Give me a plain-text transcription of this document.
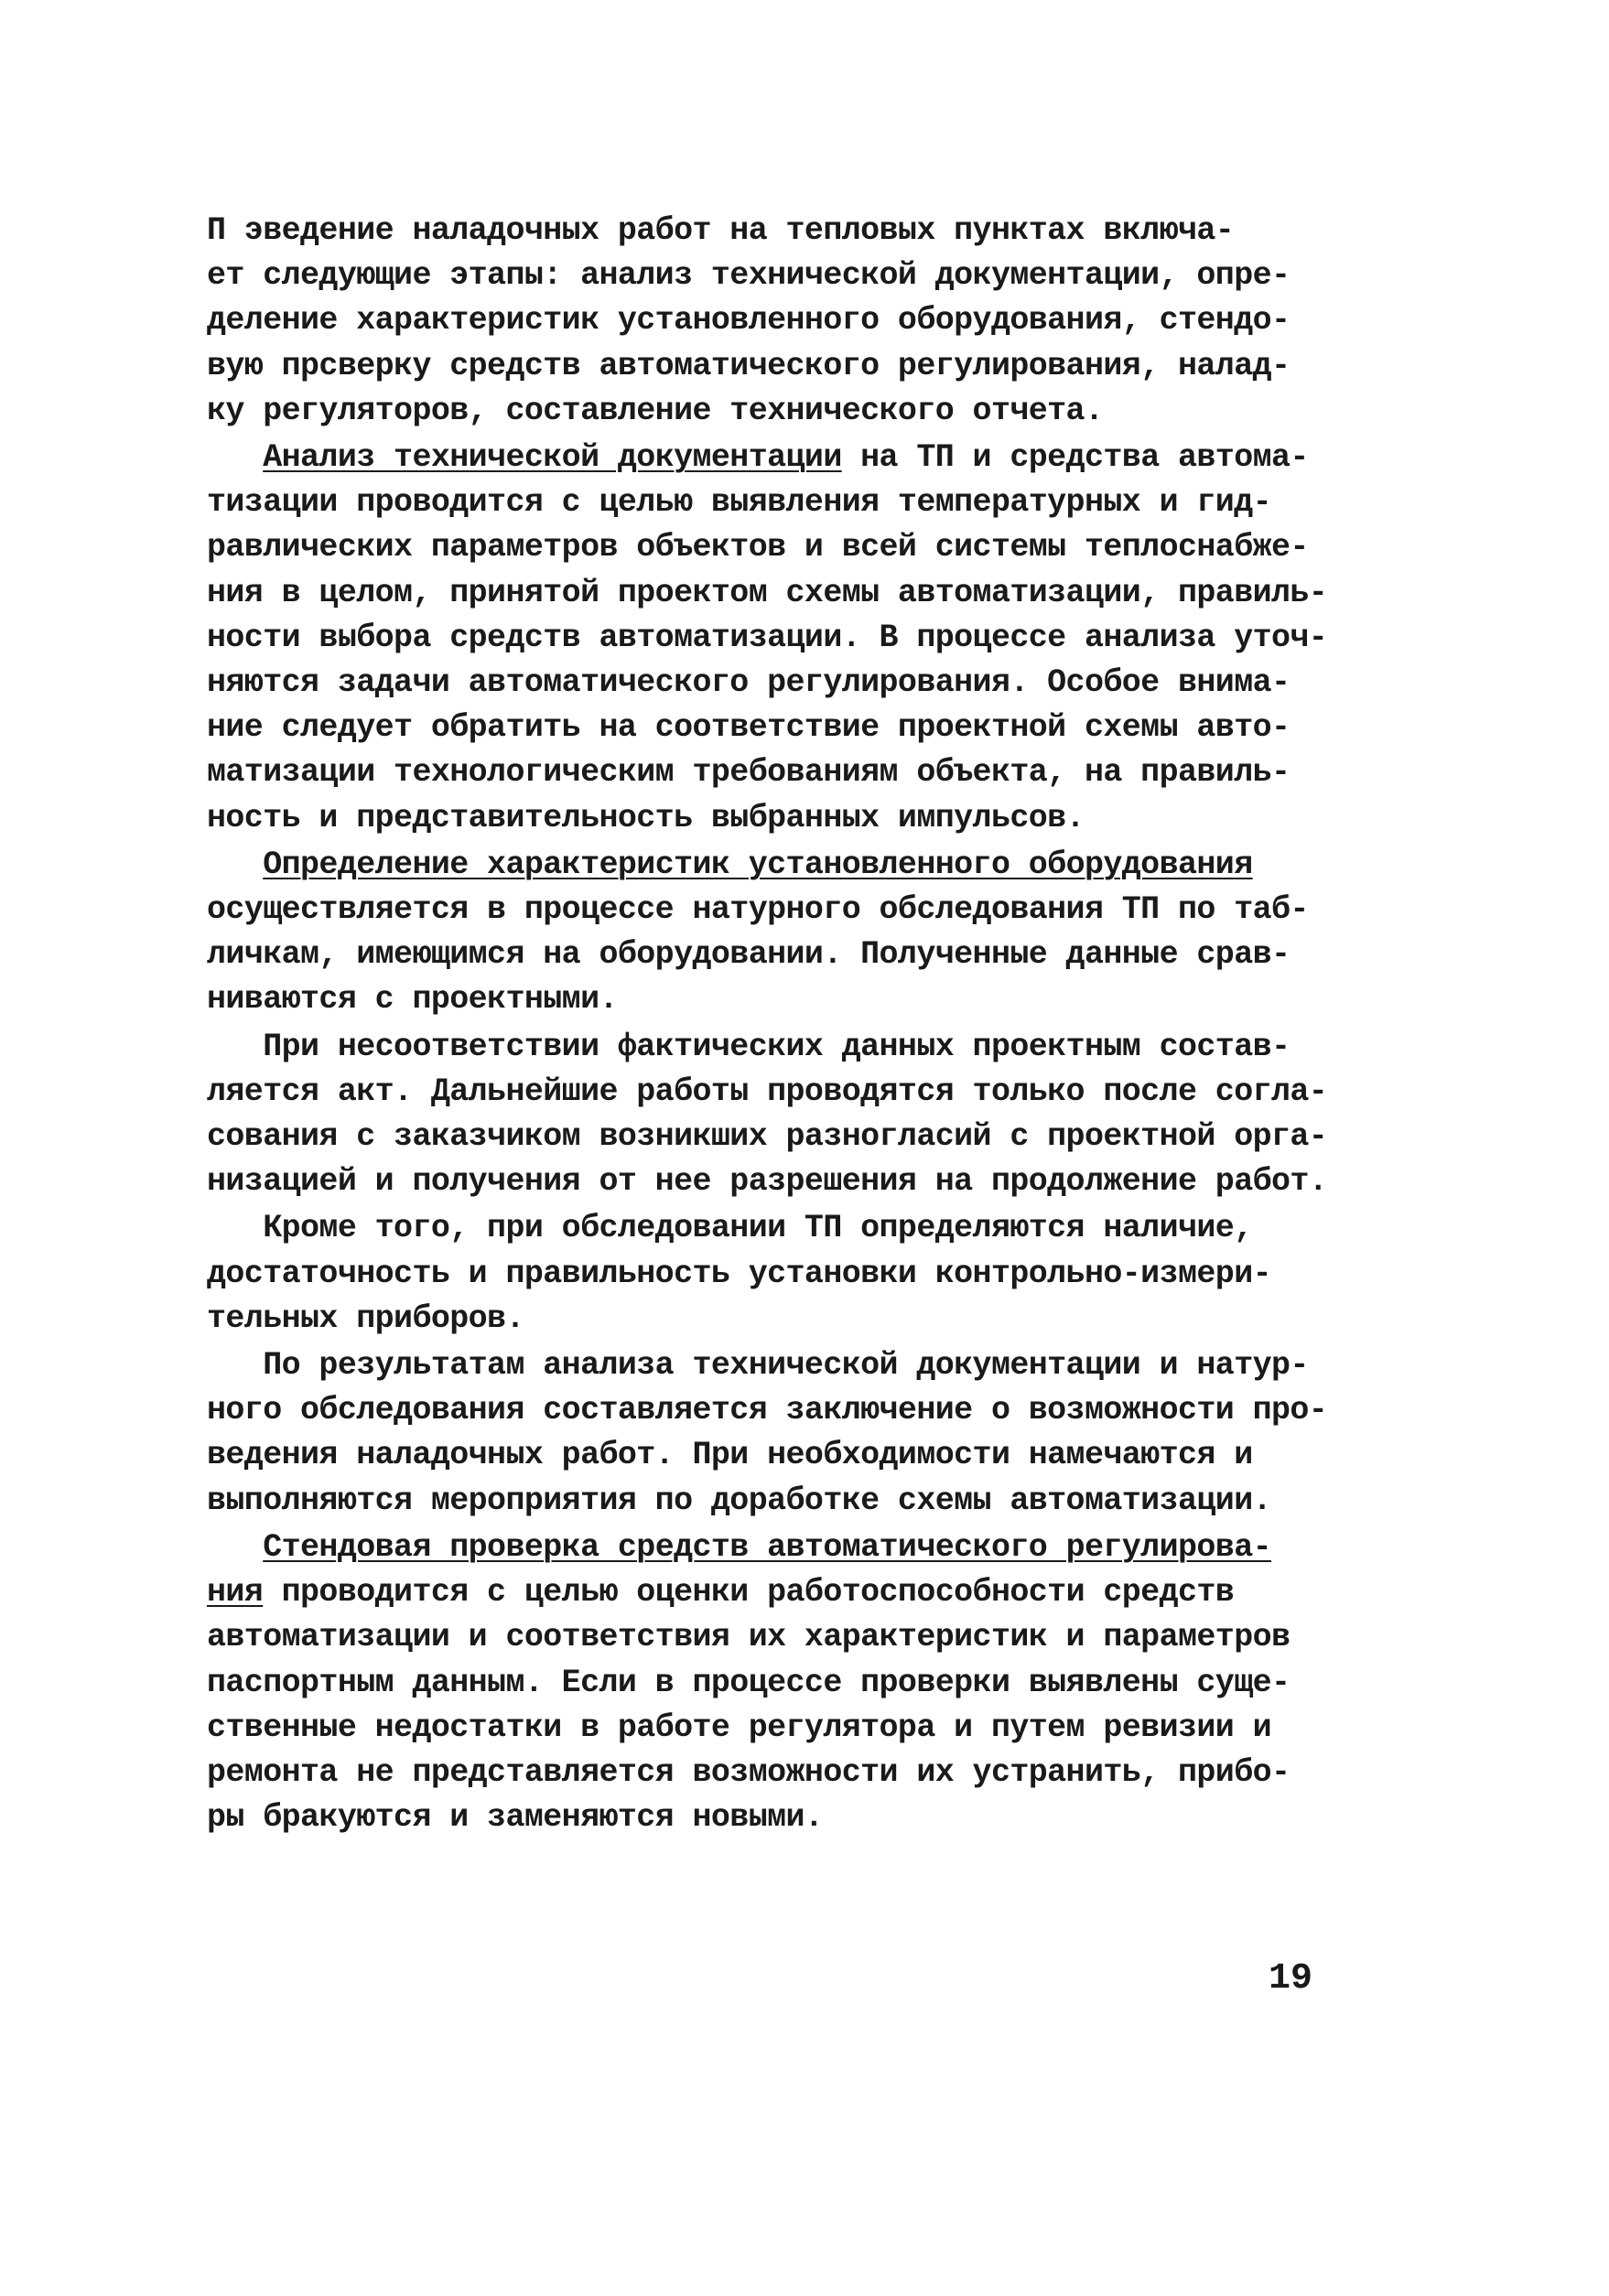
П эведение наладочных работ на тепловых пунктах включа-
ет следующие этапы: анализ технической документации, опре-
деление характеристик установленного оборудования, стендо-
вую прсверку средств автоматического регулирования, налад-
ку регуляторов, составление технического отчета.
Анализ технической документации на ТП и средства автома-
тизации проводится с целью выявления температурных и гид-
равлических параметров объектов и всей системы теплоснабже-
ния в целом, принятой проектом схемы автоматизации, правиль-
ности выбора средств автоматизации. В процессе анализа уточ-
няются задачи автоматического регулирования. Особое внима-
ние следует обратить на соответствие проектной схемы авто-
матизации технологическим требованиям объекта, на правиль-
ность и представительность выбранных импульсов.
Определение характеристик установленного оборудования
осуществляется в процессе натурного обследования ТП по таб-
личкам, имеющимся на оборудовании. Полученные данные срав-
ниваются с проектными.
При несоответствии фактических данных проектным состав-
ляется акт. Дальнейшие работы проводятся только после согла-
сования с заказчиком возникших разногласий с проектной орга-
низацией и получения от нее разрешения на продолжение работ.
Кроме того, при обследовании ТП определяются наличие,
достаточность и правильность установки контрольно-измери-
тельных приборов.
По результатам анализа технической документации и натур-
ного обследования составляется заключение о возможности про-
ведения наладочных работ. При необходимости намечаются и
выполняются мероприятия по доработке схемы автоматизации.
Стендовая проверка средств автоматического регулирова-
ния проводится с целью оценки работоспособности средств
автоматизации и соответствия их характеристик и параметров
паспортным данным. Если в процессе проверки выявлены суще-
ственные недостатки в работе регулятора и путем ревизии и
ремонта не представляется возможности их устранить, прибо-
ры бракуются и заменяются новыми.
19
